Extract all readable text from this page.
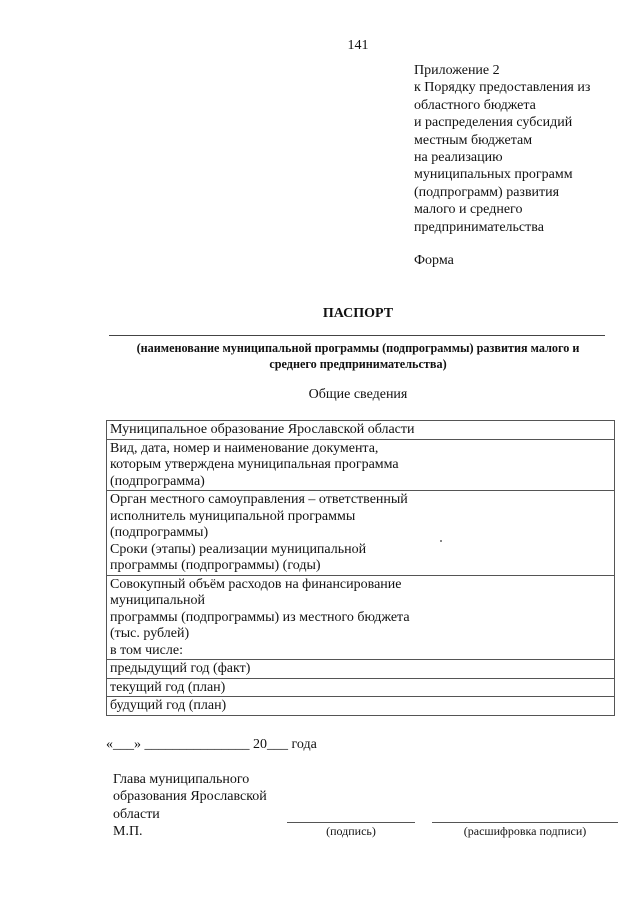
141
Приложение 2
к Порядку предоставления из
областного бюджета
и распределения субсидий
местным бюджетам
на реализацию
муниципальных программ
(подпрограмм) развития
малого и среднего
предпринимательства
Форма
ПАСПОРТ
(наименование муниципальной программы (подпрограммы) развития малого и
среднего предпринимательства)
Общие сведения
Муниципальное образование Ярославской области	

Вид, дата, номер и наименование документа,
которым утверждена муниципальная программа
(подпрограмма)	

Орган местного самоуправления – ответственный
исполнитель муниципальной программы
(подпрограммы)
Сроки (этапы) реализации муниципальной
программы (подпрограммы) (годы)	

Совокупный объём расходов на финансирование
муниципальной
программы (подпрограммы) из местного бюджета
(тыс. рублей)
в том числе:	

предыдущий год (факт)	

текущий год (план)	

будущий год (план)	

«___» _______________ 20___ года
Глава муниципального
образования Ярославской
области
М.П.	(подпись)	(расшифровка подписи)
